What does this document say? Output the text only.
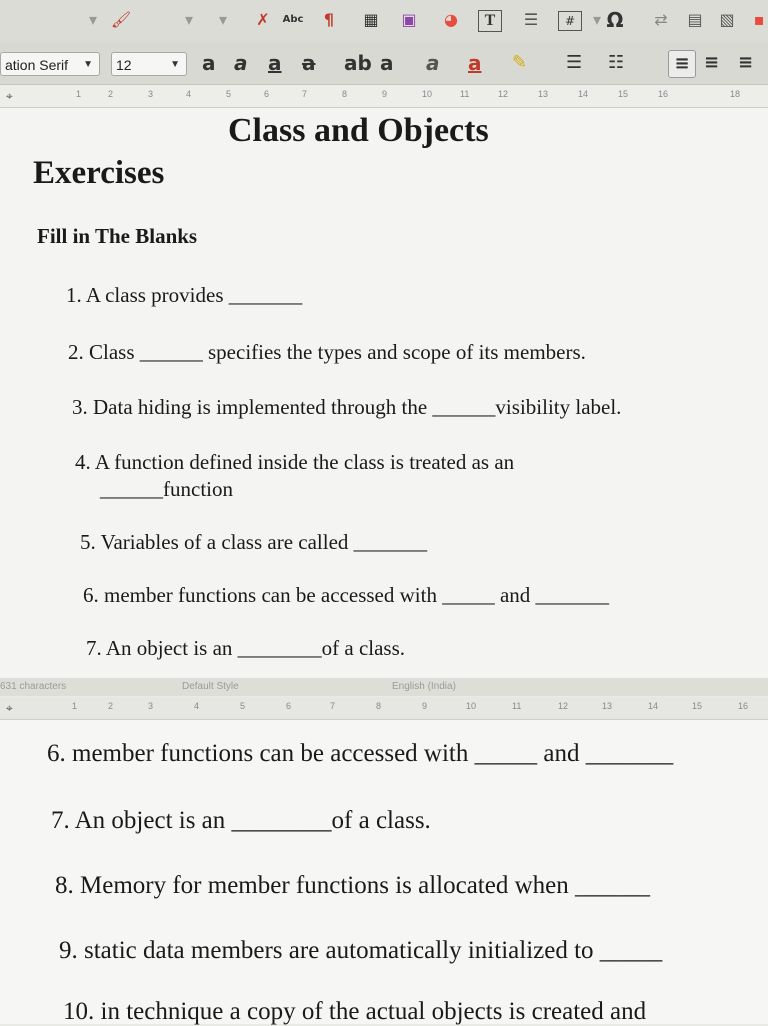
▾ 🖌	▾	▾	✗	Abc	¶	▦ ▣ ◕	T	☰	#	▾ Ω ⇄ ▤ ▧	▪
ation Serif ▼	12	▼ a a a a ab a a a ✎ ☰ ☷	≡ ≡ ≡
⌖	1	2	3	4	5	6	7	8	9	10	11	12	13	14	15	16	18
Class and Objects
Exercises
Fill in The Blanks
1. A class provides _______
2. Class ______ specifies the types and scope of its members.
3. Data hiding is implemented through the ______visibility label.
4. A function defined inside the class is treated as an
______function
5. Variables of a class are called _______
6. member functions can be accessed with _____ and _______
7. An object is an ________of a class.
631 characters	Default Style	English (India)
⌖	1	2	3	4	5	6	7	8	9	10	11	12	13	14	15	16
6. member functions can be accessed with _____ and _______
7. An object is an ________of a class.
8. Memory for member functions is allocated when ______
9. static data members are automatically initialized to _____
10. in technique a copy of the actual objects is created and
